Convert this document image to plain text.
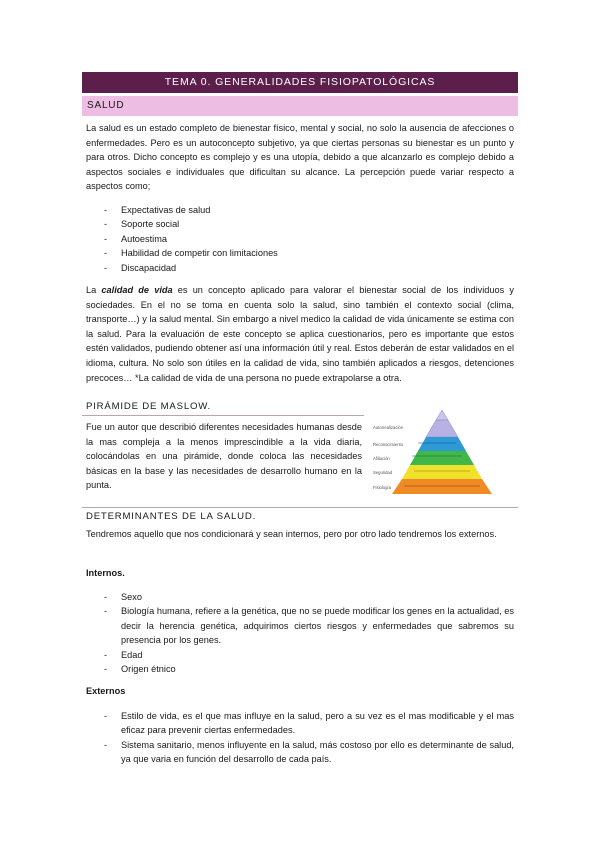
TEMA 0. GENERALIDADES FISIOPATOLÓGICAS
SALUD

La salud es un estado completo de bienestar físico, mental y social, no solo la ausencia de afecciones o enfermedades. Pero es un autoconcepto subjetivo, ya que ciertas personas su bienestar es un punto y para otros. Dicho concepto es complejo y es una utopía, debido a que alcanzarlo es complejo debido a aspectos sociales e individuales que dificultan su alcance. La percepción puede variar respecto a aspectos como;

- Expectativas de salud
- Soporte social
- Autoestima
- Habilidad de competir con limitaciones
- Discapacidad

La calidad de vida es un concepto aplicado para valorar el bienestar social de los individuos y sociedades. En el no se toma en cuenta solo la salud, sino también el contexto social (clima, transporte…) y la salud mental. Sin embargo a nivel medico la calidad de vida únicamente se estima con la salud. Para la evaluación de este concepto se aplica cuestionarios, pero es importante que estos estén validados, pudiendo obtener así una información útil y real. Estos deberán de estar validados en el idioma, cultura. No solo son útiles en la calidad de vida, sino también aplicados a riesgos, detenciones precoces… *La calidad de vida de una persona no puede extrapolarse a otra.

PIRÁMIDE DE MASLOW.

Fue un autor que describió diferentes necesidades humanas desde la mas compleja a la menos imprescindible a la vida diaria, colocándolas en una pirámide, donde coloca las necesidades básicas en la base y las necesidades de desarrollo humano en la punta.

Autorrealización
Reconocimiento
Afiliación
Seguridad
Fisiología
DETERMINANTES DE LA SALUD.

Tendremos aquello que nos condicionará y sean internos, pero por otro lado tendremos los externos.

Internos.
- Sexo
- Biología humana, refiere a la genética, que no se puede modificar los genes en la actualidad, es decir la herencia genética, adquirimos ciertos riesgos y enfermedades que sabremos su presencia por los genes.
- Edad
- Origen étnico
Externos
- Estilo de vida, es el que mas influye en la salud, pero a su vez es el mas modificable y el mas eficaz para prevenir ciertas enfermedades.
- Sistema sanitario, menos influyente en la salud, más costoso por ello es determinante de salud, ya que varia en función del desarrollo de cada país.
